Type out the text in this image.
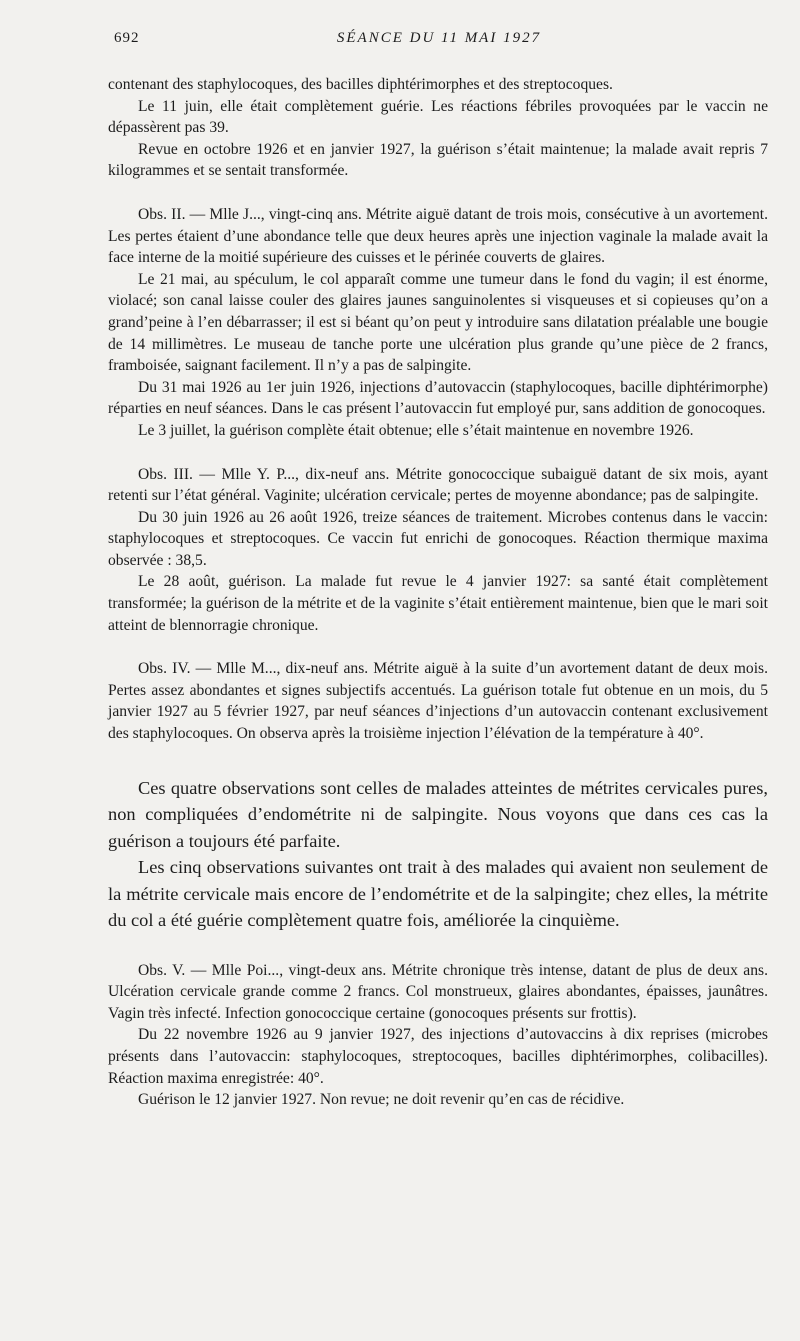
692	SÉANCE DU 11 MAI 1927

contenant des staphylocoques, des bacilles diphtérimorphes et des streptocoques.

Le 11 juin, elle était complètement guérie. Les réactions fébriles provoquées par le vaccin ne dépassèrent pas 39.

Revue en octobre 1926 et en janvier 1927, la guérison s’était maintenue; la malade avait repris 7 kilogrammes et se sentait transformée.

Obs. II. — Mlle J..., vingt-cinq ans. Métrite aiguë datant de trois mois, consécutive à un avortement. Les pertes étaient d’une abondance telle que deux heures après une injection vaginale la malade avait la face interne de la moitié supérieure des cuisses et le périnée couverts de glaires.

Le 21 mai, au spéculum, le col apparaît comme une tumeur dans le fond du vagin; il est énorme, violacé; son canal laisse couler des glaires jaunes sanguinolentes si visqueuses et si copieuses qu’on a grand’peine à l’en débarrasser; il est si béant qu’on peut y introduire sans dilatation préalable une bougie de 14 millimètres. Le museau de tanche porte une ulcération plus grande qu’une pièce de 2 francs, framboisée, saignant facilement. Il n’y a pas de salpingite.

Du 31 mai 1926 au 1er juin 1926, injections d’autovaccin (staphylocoques, bacille diphtérimorphe) réparties en neuf séances. Dans le cas présent l’autovaccin fut employé pur, sans addition de gonocoques.

Le 3 juillet, la guérison complète était obtenue; elle s’était maintenue en novembre 1926.

Obs. III. — Mlle Y. P..., dix-neuf ans. Métrite gonococcique subaiguë datant de six mois, ayant retenti sur l’état général. Vaginite; ulcération cervicale; pertes de moyenne abondance; pas de salpingite.

Du 30 juin 1926 au 26 août 1926, treize séances de traitement. Microbes contenus dans le vaccin: staphylocoques et streptocoques. Ce vaccin fut enrichi de gonocoques. Réaction thermique maxima observée : 38,5.

Le 28 août, guérison. La malade fut revue le 4 janvier 1927: sa santé était complètement transformée; la guérison de la métrite et de la vaginite s’était entièrement maintenue, bien que le mari soit atteint de blennorragie chronique.

Obs. IV. — Mlle M..., dix-neuf ans. Métrite aiguë à la suite d’un avortement datant de deux mois. Pertes assez abondantes et signes subjectifs accentués. La guérison totale fut obtenue en un mois, du 5 janvier 1927 au 5 février 1927, par neuf séances d’injections d’un autovaccin contenant exclusivement des staphylocoques. On observa après la troisième injection l’élévation de la température à 40°.

Ces quatre observations sont celles de malades atteintes de métrites cervicales pures, non compliquées d’endométrite ni de salpingite. Nous voyons que dans ces cas la guérison a toujours été parfaite.

Les cinq observations suivantes ont trait à des malades qui avaient non seulement de la métrite cervicale mais encore de l’endométrite et de la salpingite; chez elles, la métrite du col a été guérie complètement quatre fois, améliorée la cinquième.

Obs. V. — Mlle Poi..., vingt-deux ans. Métrite chronique très intense, datant de plus de deux ans. Ulcération cervicale grande comme 2 francs. Col monstrueux, glaires abondantes, épaisses, jaunâtres. Vagin très infecté. Infection gonococcique certaine (gonocoques présents sur frottis).

Du 22 novembre 1926 au 9 janvier 1927, des injections d’autovaccins à dix reprises (microbes présents dans l’autovaccin: staphylocoques, streptocoques, bacilles diphtérimorphes, colibacilles). Réaction maxima enregistrée: 40°.

Guérison le 12 janvier 1927. Non revue; ne doit revenir qu’en cas de récidive.
